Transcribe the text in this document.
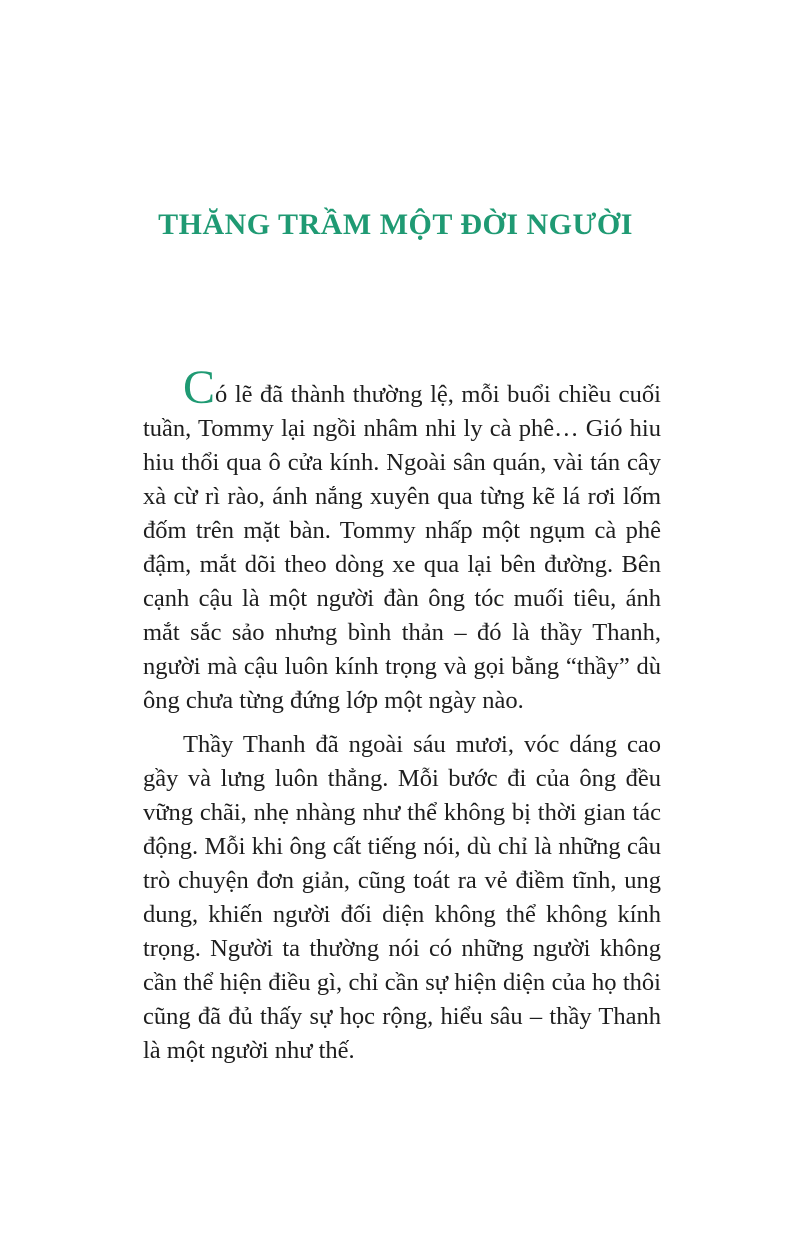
THĂNG TRẦM MỘT ĐỜI NGƯỜI

Có lẽ đã thành thường lệ, mỗi buổi chiều cuối tuần, Tommy lại ngồi nhâm nhi ly cà phê… Gió hiu hiu thổi qua ô cửa kính. Ngoài sân quán, vài tán cây xà cừ rì rào, ánh nắng xuyên qua từng kẽ lá rơi lốm đốm trên mặt bàn. Tommy nhấp một ngụm cà phê đậm, mắt dõi theo dòng xe qua lại bên đường. Bên cạnh cậu là một người đàn ông tóc muối tiêu, ánh mắt sắc sảo nhưng bình thản – đó là thầy Thanh, người mà cậu luôn kính trọng và gọi bằng “thầy” dù ông chưa từng đứng lớp một ngày nào.

Thầy Thanh đã ngoài sáu mươi, vóc dáng cao gầy và lưng luôn thẳng. Mỗi bước đi của ông đều vững chãi, nhẹ nhàng như thể không bị thời gian tác động. Mỗi khi ông cất tiếng nói, dù chỉ là những câu trò chuyện đơn giản, cũng toát ra vẻ điềm tĩnh, ung dung, khiến người đối diện không thể không kính trọng. Người ta thường nói có những người không cần thể hiện điều gì, chỉ cần sự hiện diện của họ thôi cũng đã đủ thấy sự học rộng, hiểu sâu – thầy Thanh là một người như thế.
